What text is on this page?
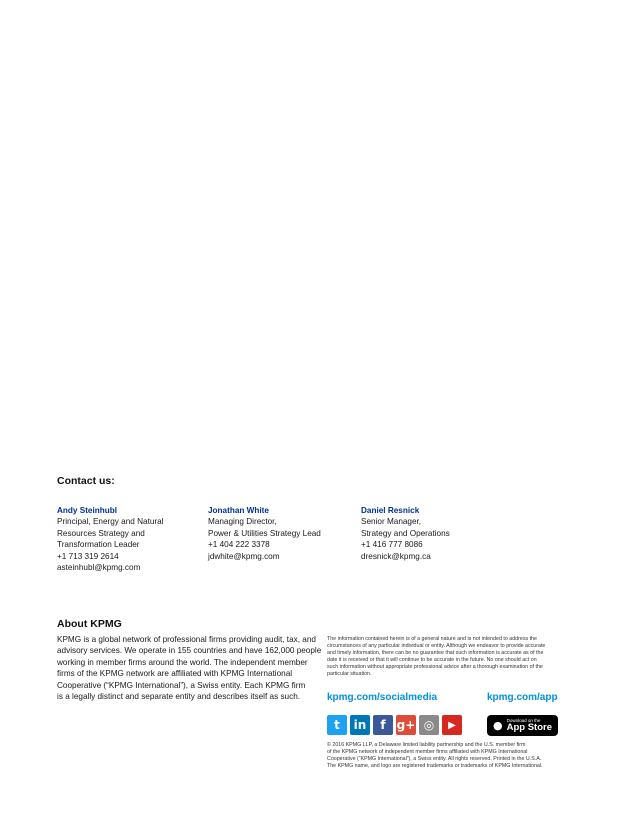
Contact us:
Andy Steinhubl
Principal, Energy and Natural
Resources Strategy and
Transformation Leader
+1 713 319 2614
asteinhubl@kpmg.com
Jonathan White
Managing Director,
Power & Utilities Strategy Lead
+1 404 222 3378
jdwhite@kpmg.com
Daniel Resnick
Senior Manager,
Strategy and Operations
+1 416 777 8086
dresnick@kpmg.ca
About KPMG
KPMG is a global network of professional firms providing audit, tax, and
advisory services. We operate in 155 countries and have 162,000 people
working in member firms around the world. The independent member
firms of the KPMG network are affiliated with KPMG International
Cooperative (“KPMG International”), a Swiss entity. Each KPMG firm
is a legally distinct and separate entity and describes itself as such.
The information contained herein is of a general nature and is not intended to address the
circumstances of any particular individual or entity. Although we endeavor to provide accurate
and timely information, there can be no guarantee that such information is accurate as of the
date it is received or that it will continue to be accurate in the future. No one should act on
such information without appropriate professional advice after a thorough examination of the
particular situation.
kpmg.com/socialmedia	kpmg.com/app
t	in	f g+ ◎	▶	● Download on the
App Store
© 2016 KPMG LLP, a Delaware limited liability partnership and the U.S. member firm
of the KPMG network of independent member firms affiliated with KPMG International
Cooperative (“KPMG International”), a Swiss entity. All rights reserved. Printed in the U.S.A.
The KPMG name, and logo are registered trademarks or trademarks of KPMG International.
